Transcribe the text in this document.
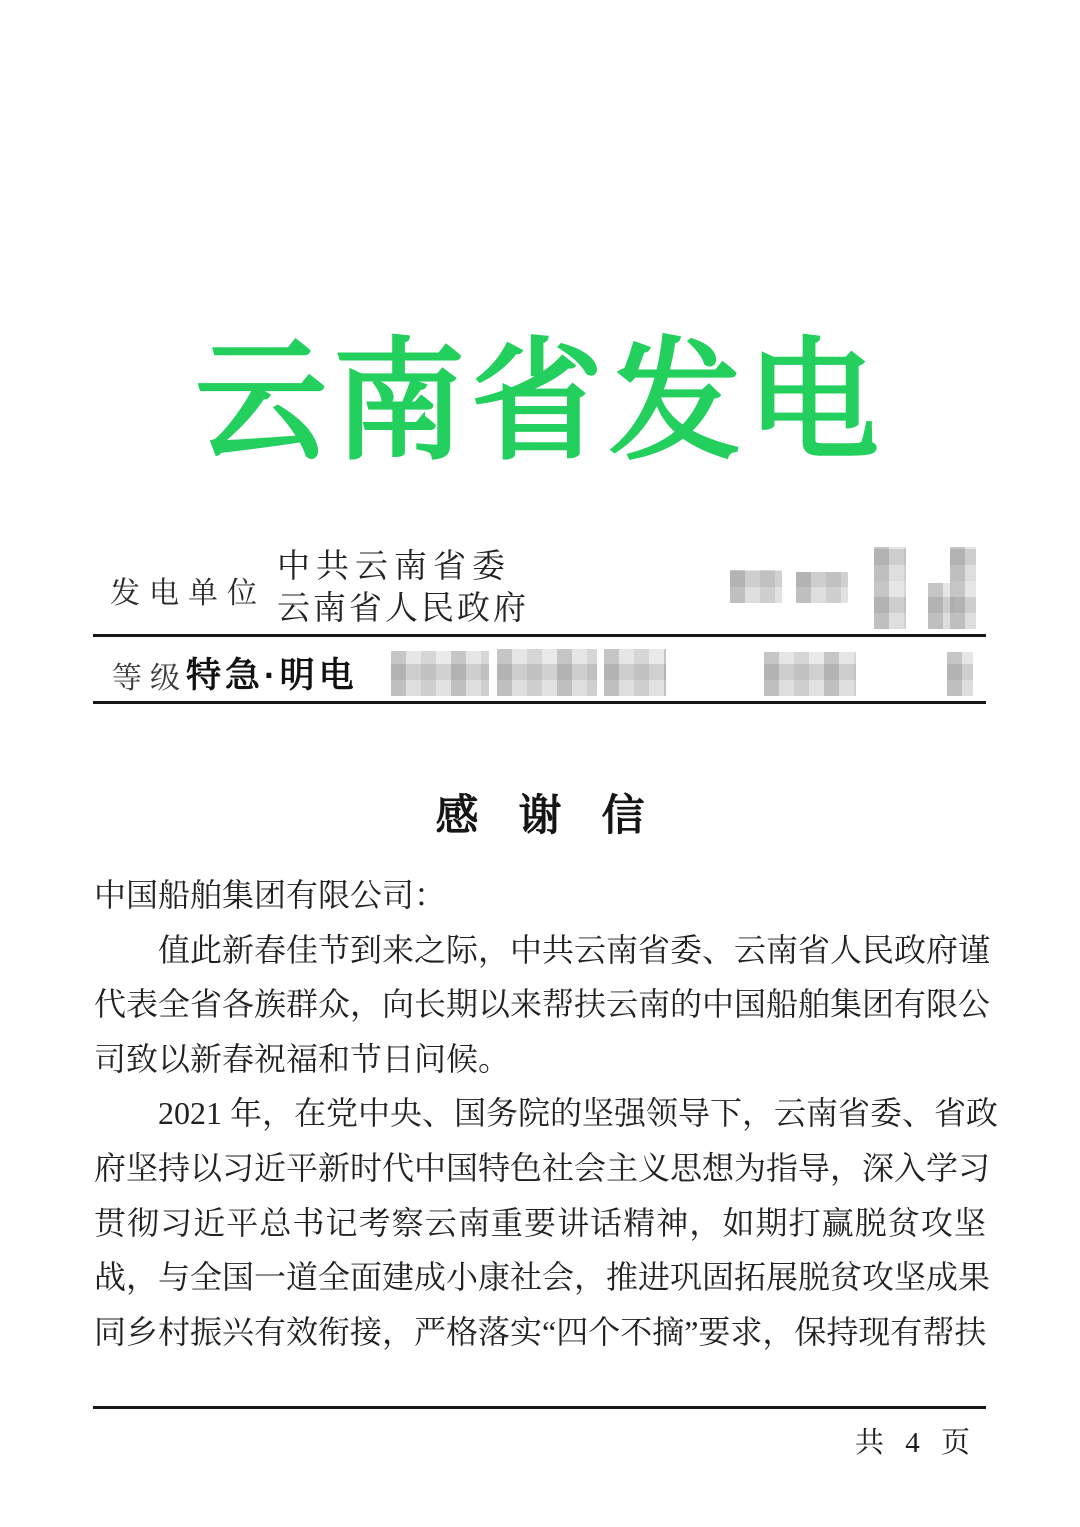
云南省发电
发电单位
中共云南省委
云南省人民政府
等级
特急·明电
感谢信
中国船舶集团有限公司：
值此新春佳节到来之际，中共云南省委、云南省人民政府谨
代表全省各族群众，向长期以来帮扶云南的中国船舶集团有限公
司致以新春祝福和节日问候。
2021 年，在党中央、国务院的坚强领导下，云南省委、省政
府坚持以习近平新时代中国特色社会主义思想为指导，深入学习
贯彻习近平总书记考察云南重要讲话精神，如期打赢脱贫攻坚
战，与全国一道全面建成小康社会，推进巩固拓展脱贫攻坚成果
同乡村振兴有效衔接，严格落实“四个不摘”要求，保持现有帮扶
共 4 页
